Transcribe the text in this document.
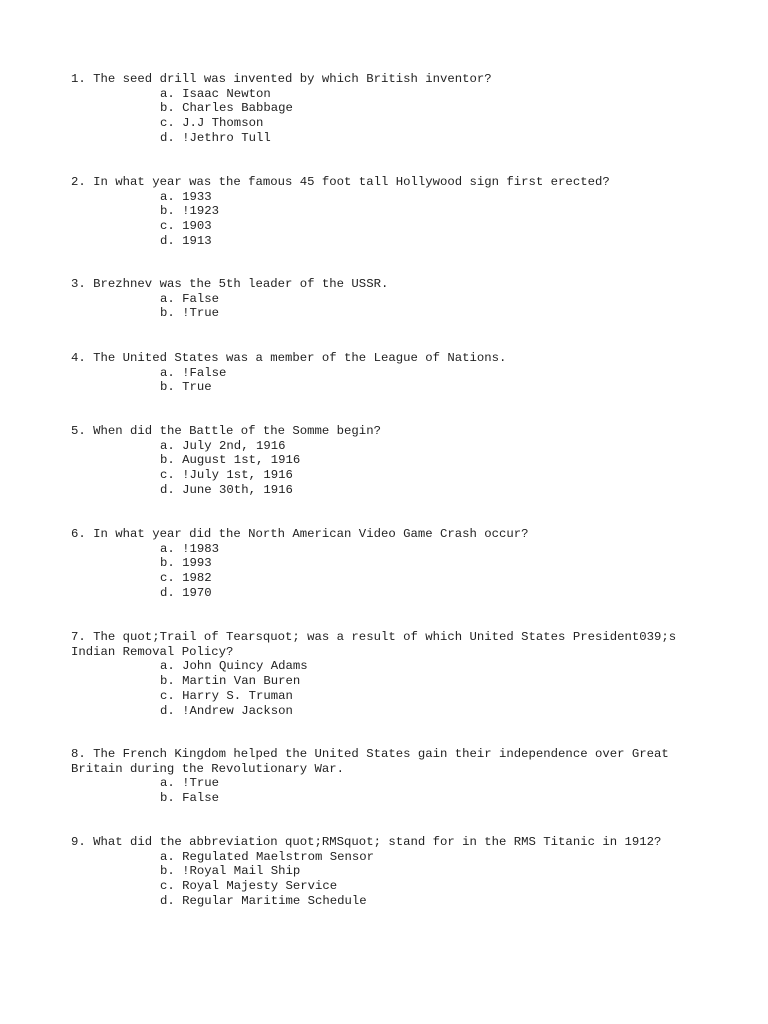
1. The seed drill was invented by which British inventor?

a. Isaac Newton
b. Charles Babbage
c. J.J Thomson
d. !Jethro Tull

2. In what year was the famous 45 foot tall Hollywood sign first erected?

a. 1933
b. !1923
c. 1903
d. 1913

3. Brezhnev was the 5th leader of the USSR.

a. False
b. !True

4. The United States was a member of the League of Nations.

a. !False
b. True

5. When did the Battle of the Somme begin?

a. July 2nd, 1916
b. August 1st, 1916
c. !July 1st, 1916
d. June 30th, 1916

6. In what year did the North American Video Game Crash occur?

a. !1983
b. 1993
c. 1982
d. 1970

7. The quot;Trail of Tearsquot; was a result of which United States President039;s Indian Removal Policy?

a. John Quincy Adams
b. Martin Van Buren
c. Harry S. Truman
d. !Andrew Jackson

8. The French Kingdom helped the United States gain their independence over Great Britain during the Revolutionary War.

a. !True
b. False

9. What did the abbreviation quot;RMSquot; stand for in the RMS Titanic in 1912?

a. Regulated Maelstrom Sensor
b. !Royal Mail Ship
c. Royal Majesty Service
d. Regular Maritime Schedule
